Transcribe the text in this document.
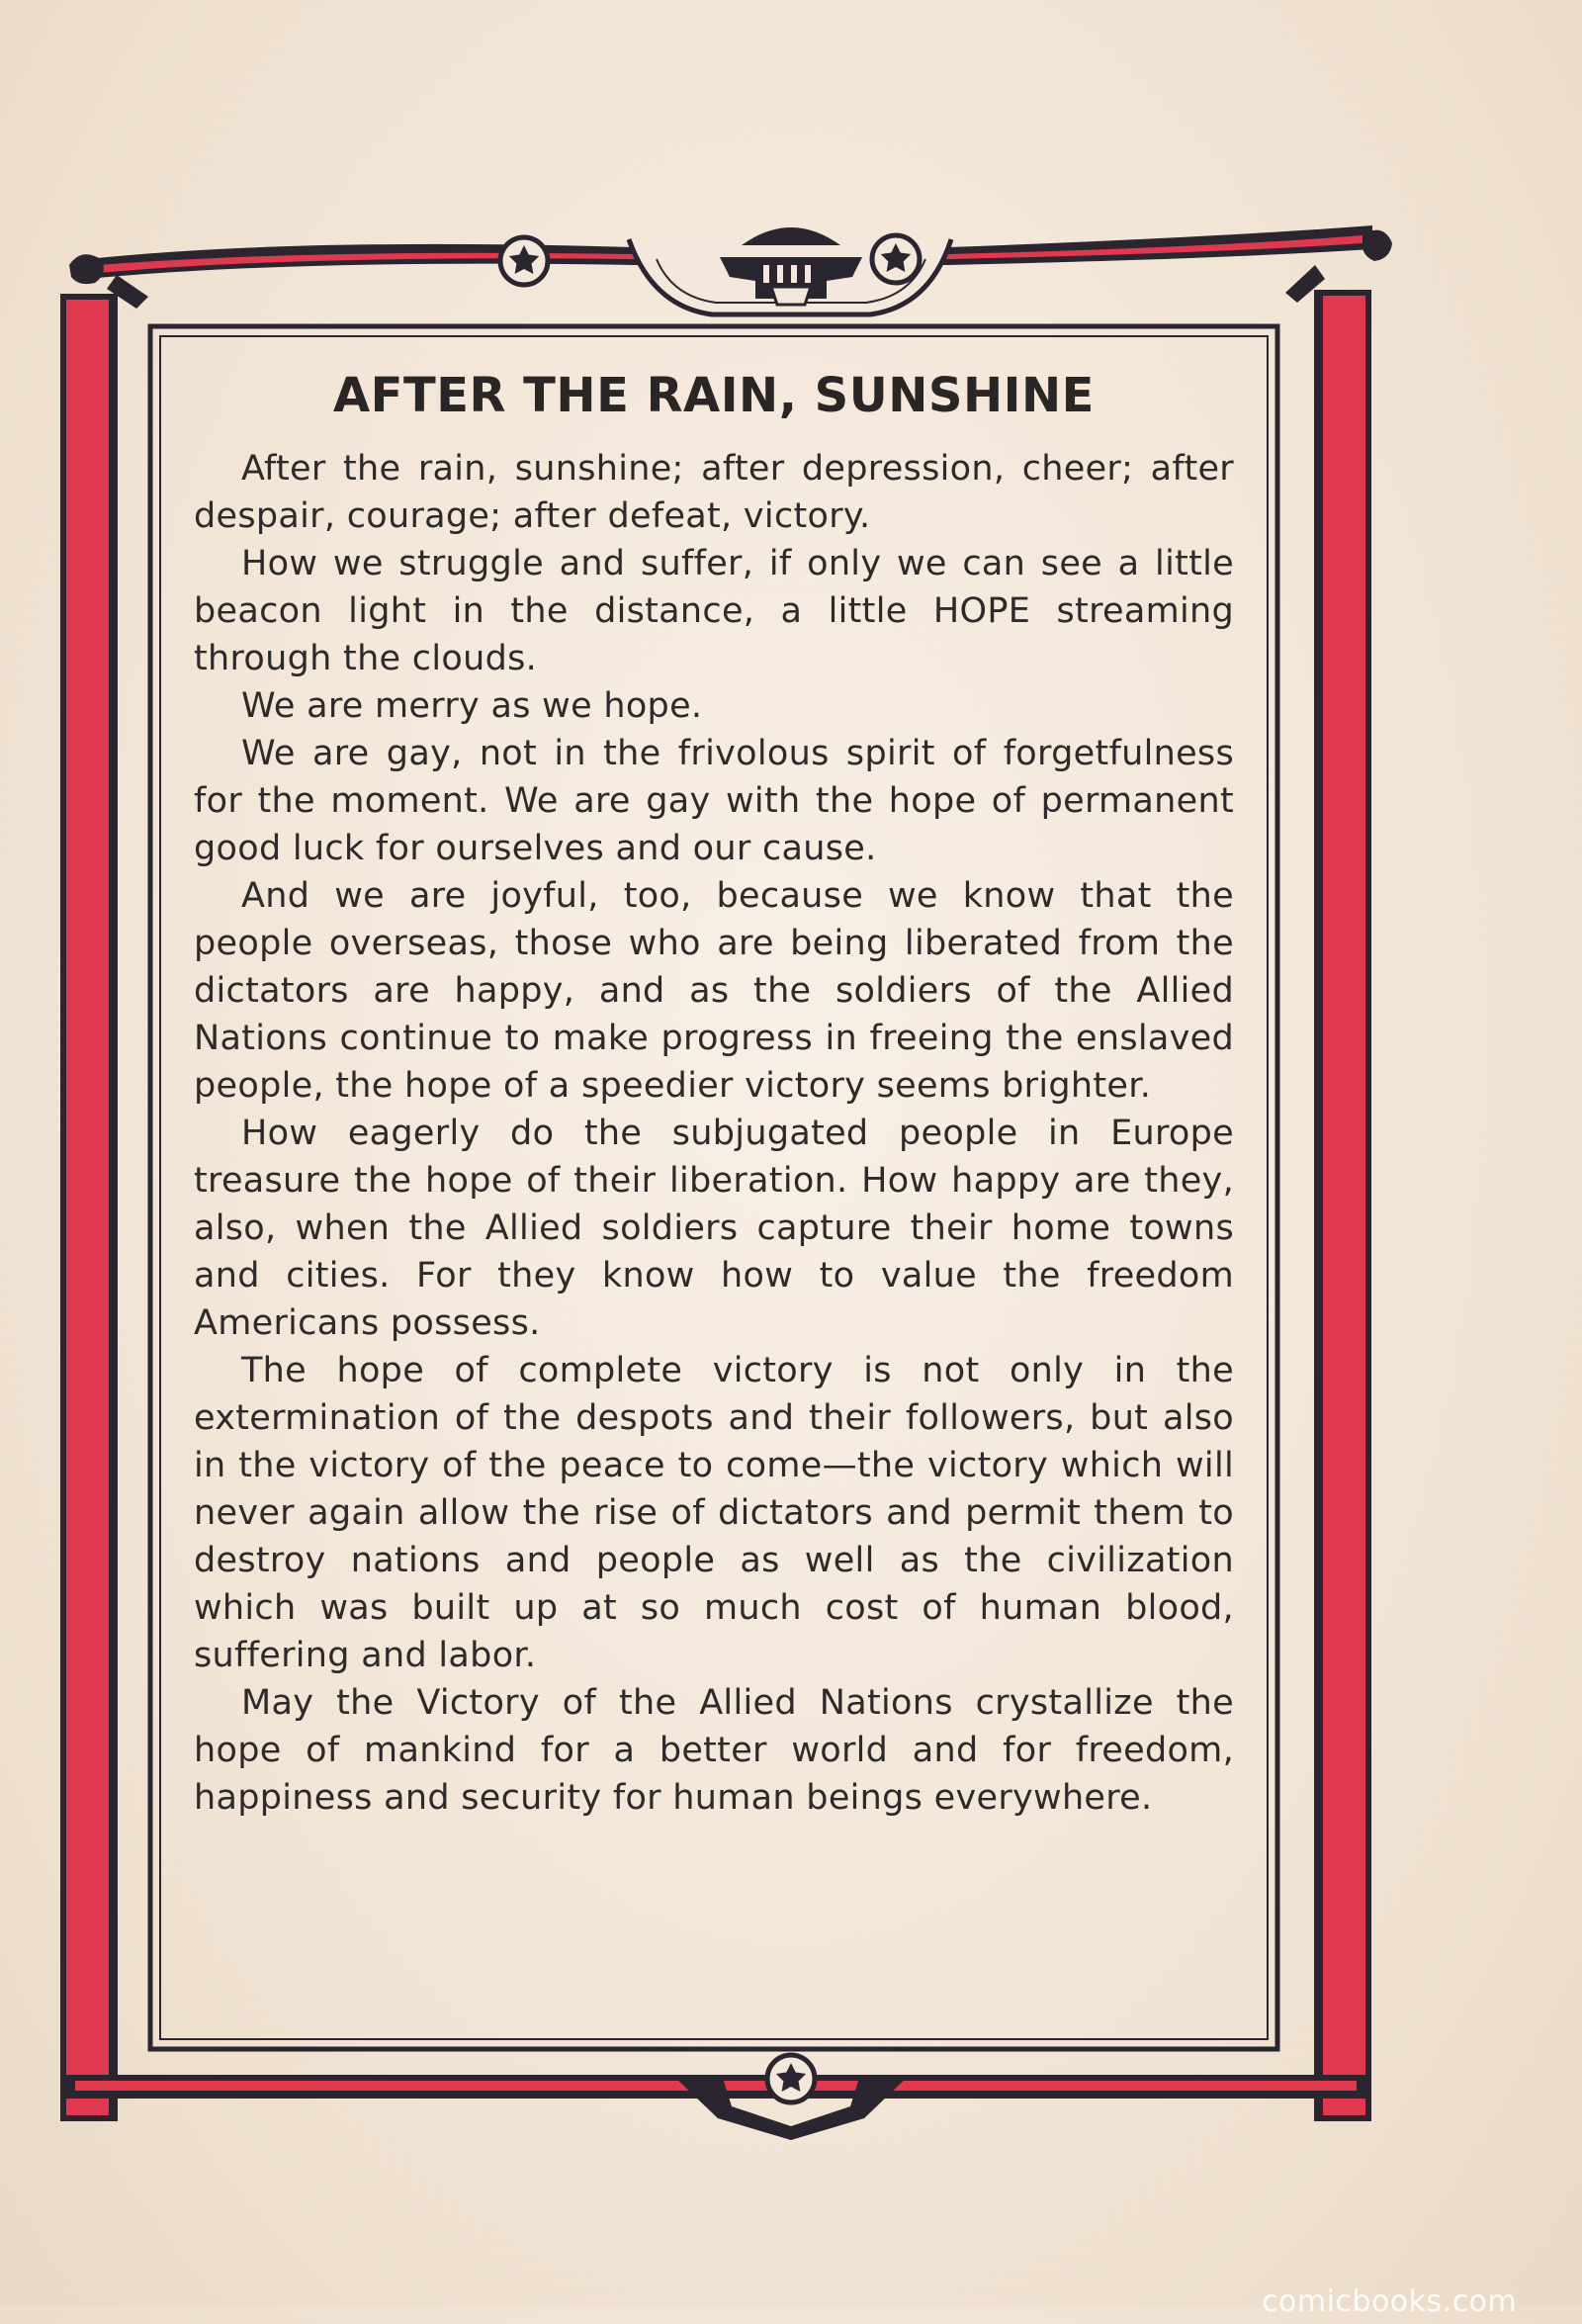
AFTER THE RAIN, SUNSHINE

After the rain, sunshine; after depression, cheer; after despair, courage; after defeat, victory.

How we struggle and suffer, if only we can see a little beacon light in the distance, a little HOPE streaming through the clouds.

We are merry as we hope.

We are gay, not in the frivolous spirit of forgetfulness for the moment. We are gay with the hope of permanent good luck for ourselves and our cause.

And we are joyful, too, because we know that the people overseas, those who are being liberated from the dictators are happy, and as the soldiers of the Allied Nations continue to make progress in freeing the enslaved people, the hope of a speedier victory seems brighter.

How eagerly do the subjugated people in Europe treasure the hope of their liberation. How happy are they, also, when the Allied soldiers capture their home towns and cities. For they know how to value the freedom Americans possess.

The hope of complete victory is not only in the extermination of the despots and their followers, but also in the victory of the peace to come—the victory which will never again allow the rise of dictators and permit them to destroy nations and people as well as the civilization which was built up at so much cost of human blood, suffering and labor.

May the Victory of the Allied Nations crystallize the hope of mankind for a better world and for freedom, happiness and security for human beings everywhere.

comicbooks.com
